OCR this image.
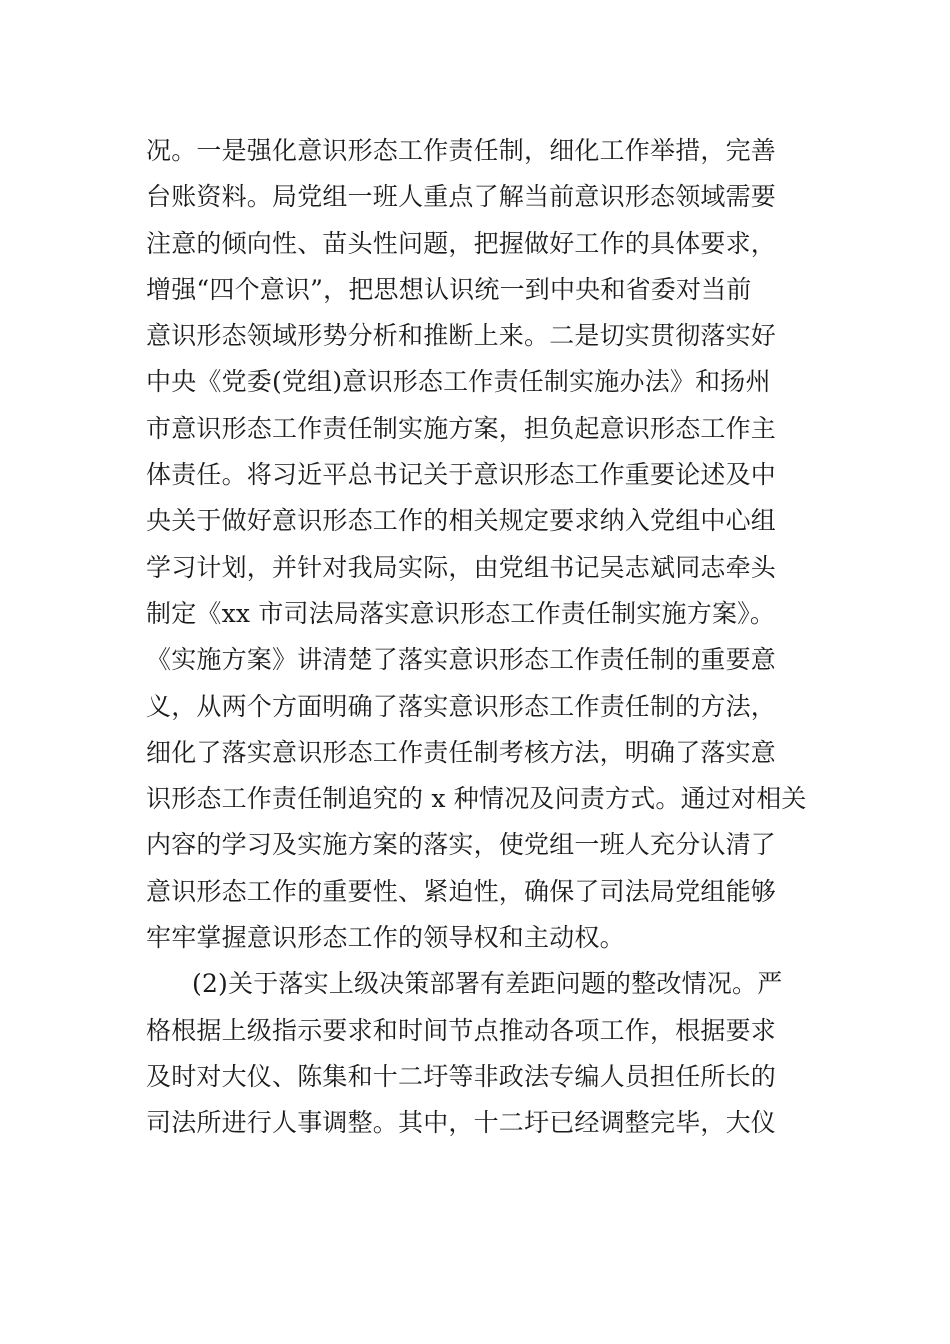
况。一是强化意识形态工作责任制，细化工作举措，完善
台账资料。局党组一班人重点了解当前意识形态领域需要
注意的倾向性、苗头性问题，把握做好工作的具体要求，
增强“四个意识”，把思想认识统一到中央和省委对当前
意识形态领域形势分析和推断上来。二是切实贯彻落实好
中央《党委(党组)意识形态工作责任制实施办法》和扬州
市意识形态工作责任制实施方案，担负起意识形态工作主
体责任。将习近平总书记关于意识形态工作重要论述及中
央关于做好意识形态工作的相关规定要求纳入党组中心组
学习计划，并针对我局实际，由党组书记吴志斌同志牵头
制定《xx 市司法局落实意识形态工作责任制实施方案》。
《实施方案》讲清楚了落实意识形态工作责任制的重要意
义，从两个方面明确了落实意识形态工作责任制的方法，
细化了落实意识形态工作责任制考核方法，明确了落实意
识形态工作责任制追究的 x 种情况及问责方式。通过对相关
内容的学习及实施方案的落实，使党组一班人充分认清了
意识形态工作的重要性、紧迫性，确保了司法局党组能够
牢牢掌握意识形态工作的领导权和主动权。
(2)关于落实上级决策部署有差距问题的整改情况。严
格根据上级指示要求和时间节点推动各项工作，根据要求
及时对大仪、陈集和十二圩等非政法专编人员担任所长的
司法所进行人事调整。其中，十二圩已经调整完毕，大仪
